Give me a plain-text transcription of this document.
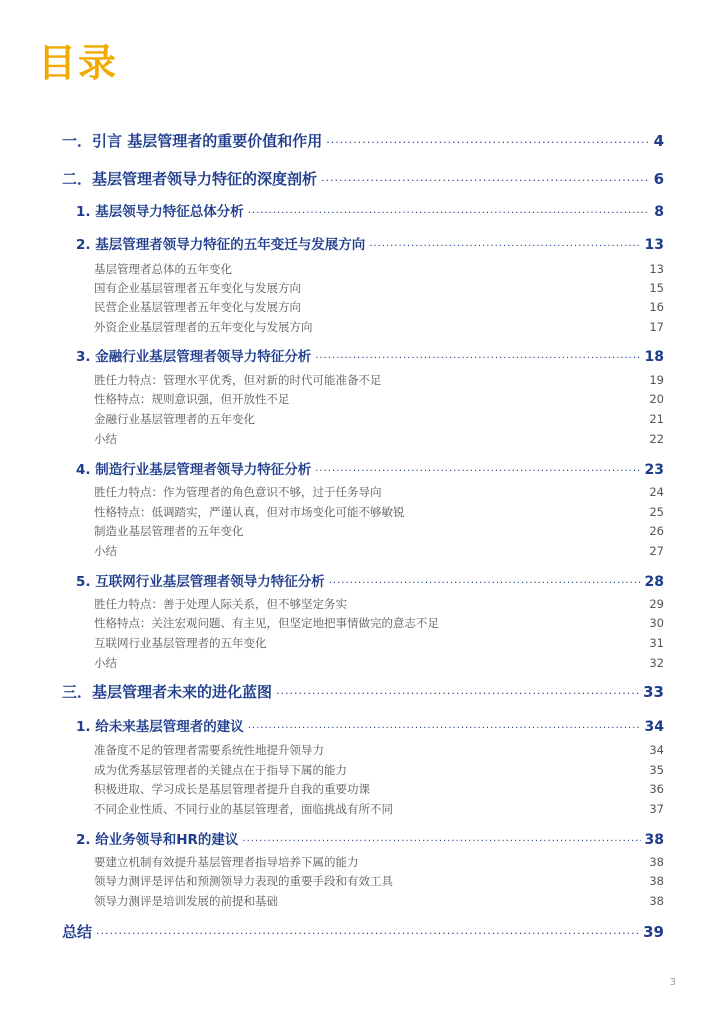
目录
一．引言 基层管理者的重要价值和作用 ·····	4
二．基层管理者领导力特征的深度剖析 ·····	6
1. 基层领导力特征总体分析 ·····	8
2. 基层管理者领导力特征的五年变迁与发展方向 ·····	13
基层管理者总体的五年变化	13
国有企业基层管理者五年变化与发展方向	15
民营企业基层管理者五年变化与发展方向	16
外资企业基层管理者的五年变化与发展方向	17
3. 金融行业基层管理者领导力特征分析 ·····	18
胜任力特点：管理水平优秀，但对新的时代可能准备不足	19
性格特点：规则意识强，但开放性不足	20
金融行业基层管理者的五年变化	21
小结	22
4. 制造行业基层管理者领导力特征分析 ·····	23
胜任力特点：作为管理者的角色意识不够，过于任务导向	24
性格特点：低调踏实，严谨认真，但对市场变化可能不够敏锐	25
制造业基层管理者的五年变化	26
小结	27
5. 互联网行业基层管理者领导力特征分析 ·····	28
胜任力特点：善于处理人际关系，但不够坚定务实	29
性格特点：关注宏观问题、有主见，但坚定地把事情做完的意志不足	30
互联网行业基层管理者的五年变化	31
小结	32
三．基层管理者未来的进化蓝图 ·····	33
1. 给未来基层管理者的建议 ·····	34
准备度不足的管理者需要系统性地提升领导力	34
成为优秀基层管理者的关键点在于指导下属的能力	35
积极进取、学习成长是基层管理者提升自我的重要功课	36
不同企业性质、不同行业的基层管理者，面临挑战有所不同	37
2. 给业务领导和HR的建议 ·····	38
要建立机制有效提升基层管理者指导培养下属的能力	38
领导力测评是评估和预测领导力表现的重要手段和有效工具	38
领导力测评是培训发展的前提和基础	38
总结 ·····	39
3
